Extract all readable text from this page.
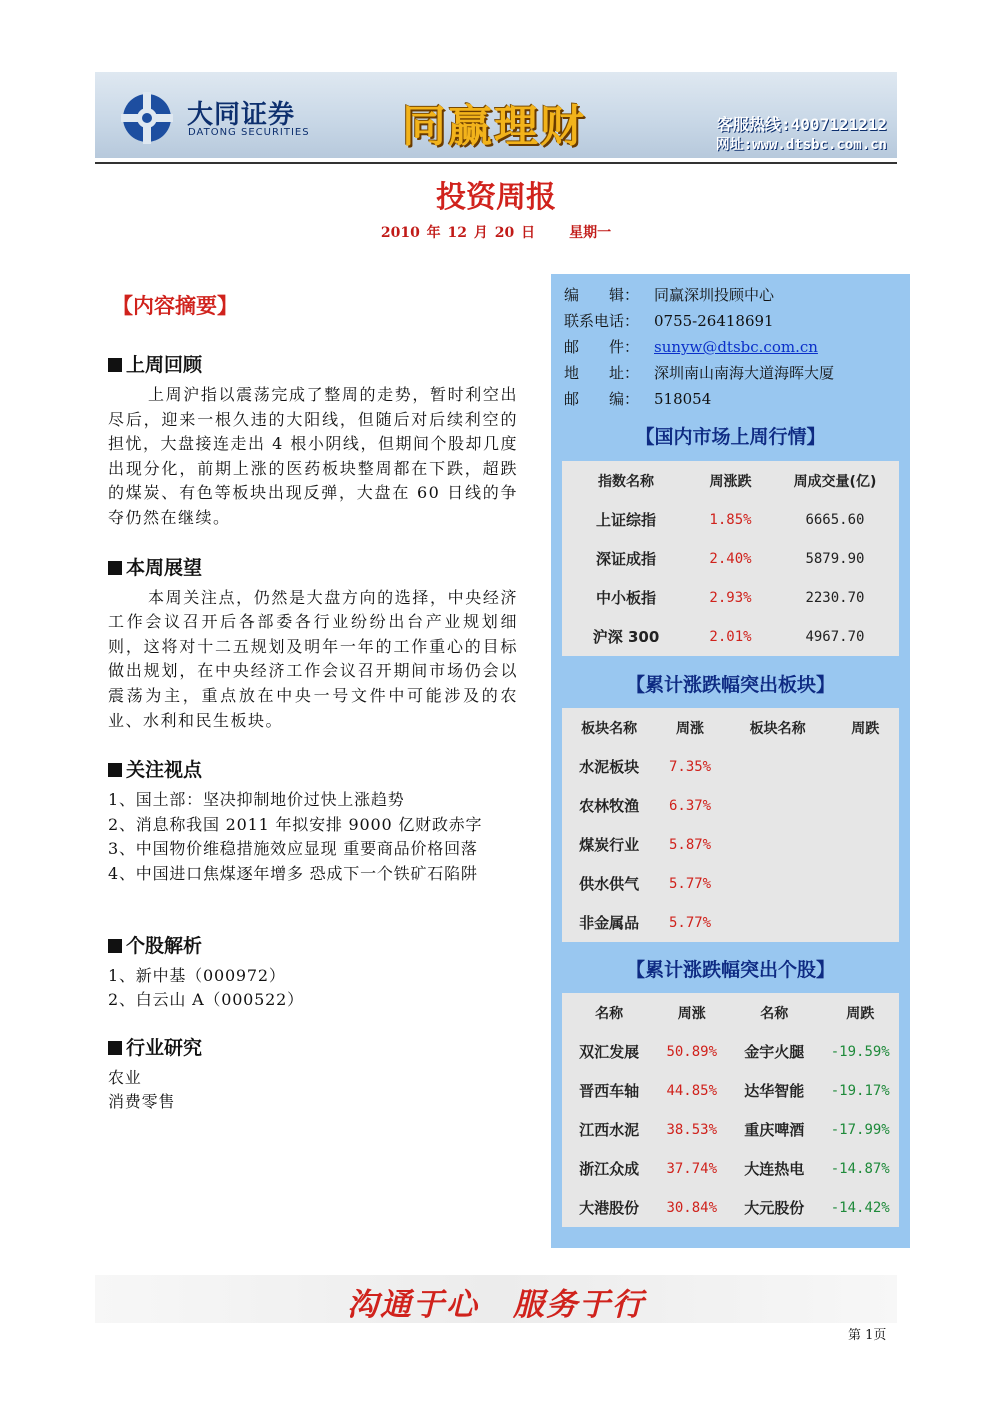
大同证券
DATONG SECURITIES 同赢理财	客服热线:4007121212
网址:www.dtsbc.com.cn
投资周报
2010 年 12 月 20 日 星期一
【内容摘要】
上周回顾
上周沪指以震荡完成了整周的走势，暂时利空出尽后，迎来一根久违的大阳线，但随后对后续利空的担忧，大盘接连走出 4 根小阴线，但期间个股却几度出现分化，前期上涨的医药板块整周都在下跌，超跌的煤炭、有色等板块出现反弹，大盘在 60 日线的争夺仍然在继续。
本周展望
本周关注点，仍然是大盘方向的选择，中央经济工作会议召开后各部委各行业纷纷出台产业规划细则，这将对十二五规划及明年一年的工作重心的目标做出规划，在中央经济工作会议召开期间市场仍会以震荡为主，重点放在中央一号文件中可能涉及的农业、水利和民生板块。
关注视点
1、国土部：坚决抑制地价过快上涨趋势
2、消息称我国 2011 年拟安排 9000 亿财政赤字
3、中国物价维稳措施效应显现 重要商品价格回落
4、中国进口焦煤逐年增多 恐成下一个铁矿石陷阱
个股解析
1、新中基（000972）
2、白云山 A（000522）
行业研究
农业
消费零售
编　　辑： 同赢深圳投顾中心
联系电话： 0755-26418691
邮　　件： sunyw@dtsbc.com.cn
地　　址： 深圳南山南海大道海晖大厦
邮　　编： 518054
【国内市场上周行情】
指数名称	周涨跌	周成交量(亿)
上证综指	1.85%	6665.60
深证成指	2.40%	5879.90
中小板指	2.93%	2230.70
沪深 300	2.01%	4967.70
【累计涨跌幅突出板块】
板块名称	周涨	板块名称	周跌
水泥板块	7.35%		
农林牧渔	6.37%		
煤炭行业	5.87%		
供水供气	5.77%		
非金属品	5.77%		
【累计涨跌幅突出个股】
名称	周涨	名称	周跌
双汇发展	50.89%	金宇火腿	-19.59%
晋西车轴	44.85%	达华智能	-19.17%
江西水泥	38.53%	重庆啤酒	-17.99%
浙江众成	37.74%	大连热电	-14.87%
大港股份	30.84%	大元股份	-14.42%
沟通于心 服务于行
第 1页
